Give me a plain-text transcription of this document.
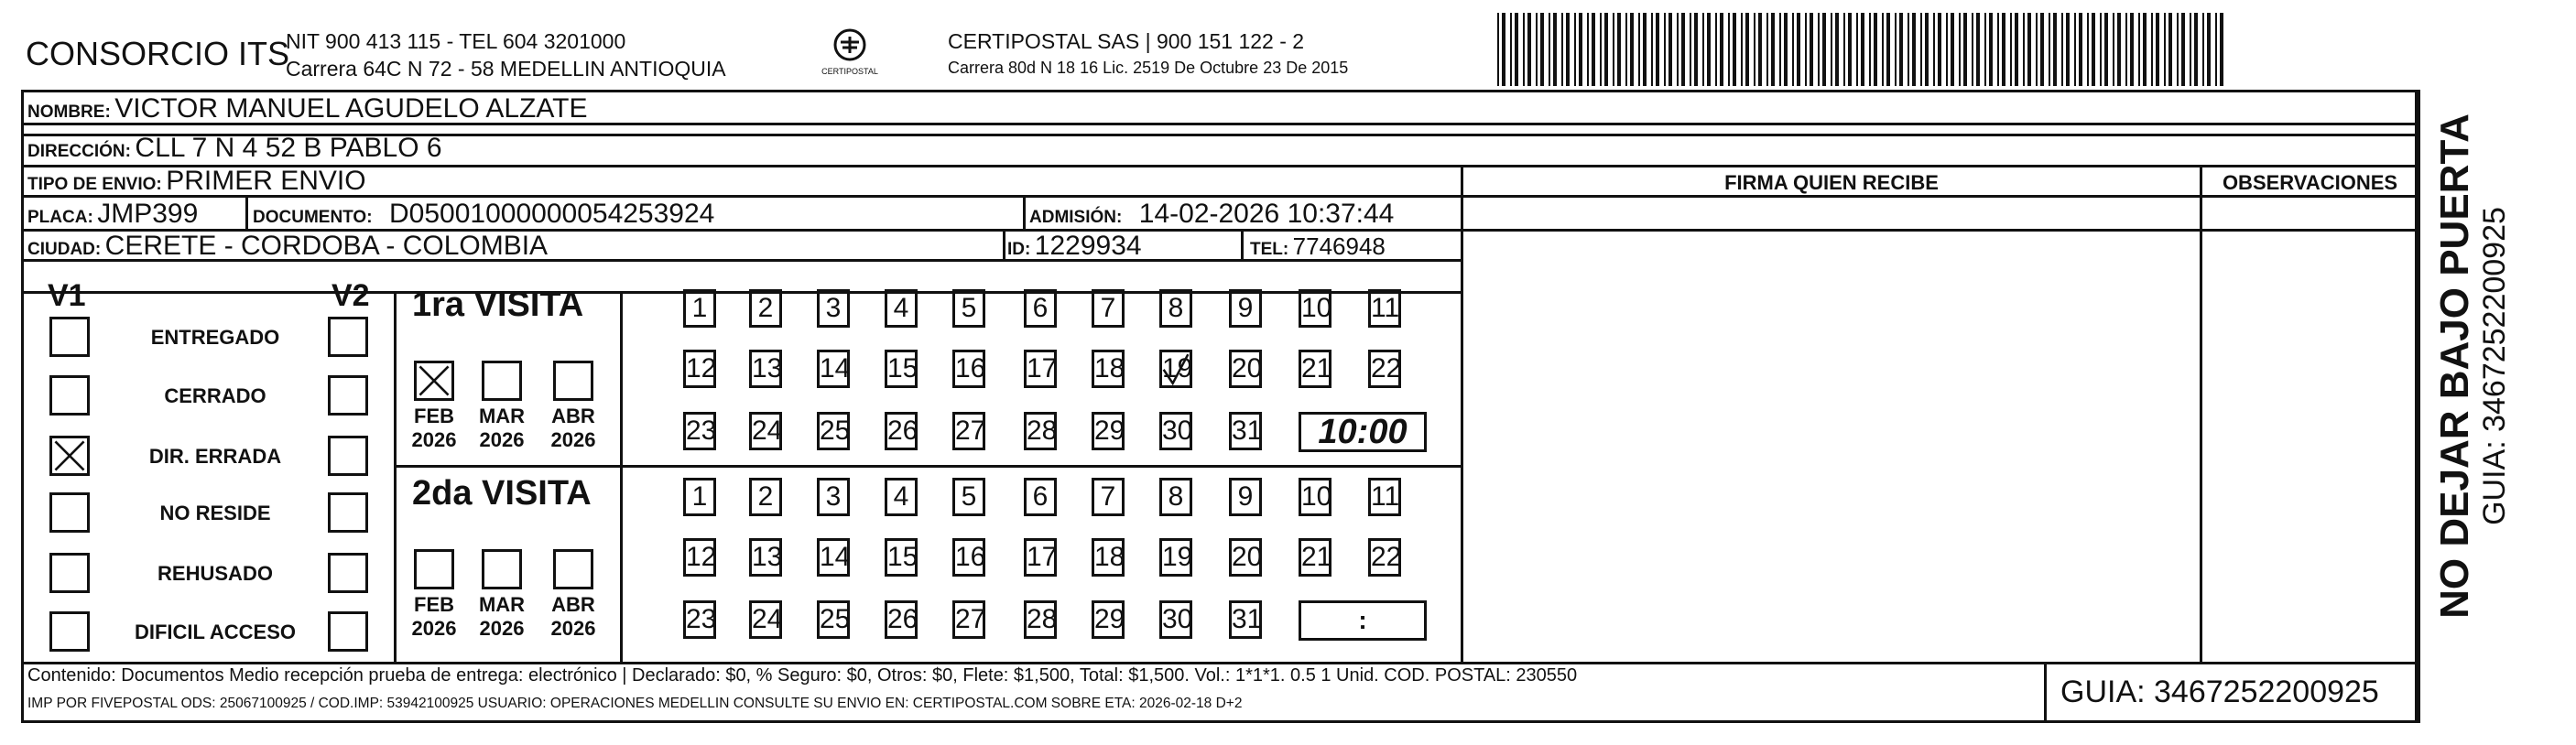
CONSORCIO ITS
NIT 900 413 115 - TEL 604 3201000
Carrera 64C N 72 - 58 MEDELLIN ANTIOQUIA	CERTIPOSTAL
CERTIPOSTAL SAS | 900 151 122 - 2
Carrera 80d N 18 16 Lic. 2519 De Octubre 23 De 2015
NOMBRE: VICTOR MANUEL AGUDELO ALZATE
DIRECCIÓN: CLL 7 N 4 52 B PABLO 6
TIPO DE ENVIO: PRIMER ENVIO	FIRMA QUIEN RECIBE	OBSERVACIONES
PLACA: JMP399	DOCUMENTO: D05001000000054253924	ADMISIÓN: 14-02-2026 10:37:44
CIUDAD: CERETE - CORDOBA - COLOMBIA	ID: 1229934	TEL: 7746948
V1	V2
ENTREGADO
CERRADO
DIR. ERRADA
NO RESIDE
REHUSADO
DIFICIL ACCESO
1ra VISITA
2da VISITA
FEB
2026
MAR
2026
ABR
2026
1	2	3	4	5	6	7	8	9	10 11
12 13 14 15 16 17 18 19 20 21 22
23 24 25 26 27 28 29 30 31	10:00
FEB
2026
MAR
2026
ABR
2026
1	2	3	4	5	6	7	8	9	10 11
12 13 14 15 16 17 18 19 20 21 22
23 24 25 26 27 28 29 30 31	:
Contenido: Documentos Medio recepción prueba de entrega: electrónico | Declarado: $0, % Seguro: $0, Otros: $0, Flete: $1,500, Total: $1,500. Vol.: 1*1*1. 0.5 1 Unid. COD. POSTAL: 230550
IMP POR FIVEPOSTAL ODS: 25067100925 / COD.IMP: 53942100925 USUARIO: OPERACIONES MEDELLIN CONSULTE SU ENVIO EN: CERTIPOSTAL.COM SOBRE ETA: 2026-02-18 D+2	GUIA: 3467252200925
NO DEJAR BAJO PUERTA GUIA: 3467252200925
